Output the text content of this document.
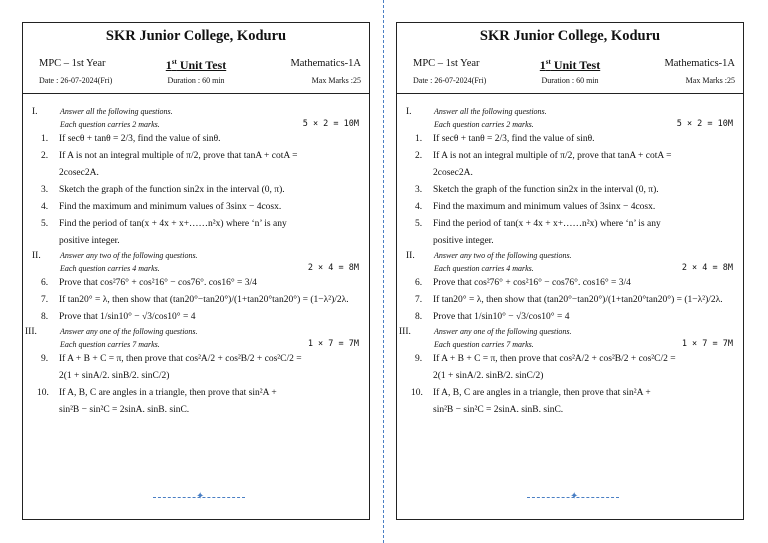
SKR Junior College, Koduru
MPC – 1st Year	1st Unit Test	Mathematics-1A
Date : 26-07-2024(Fri)	Duration : 60 min	Max Marks :25
I.	Answer all the following questions.
Each question carries 2 marks.	5 × 2 = 10M
1. If secθ + tanθ = 2/3, find the value of sinθ.
2. If A is not an integral multiple of π/2, prove that tanA + cotA =
2cosec2A.
3. Sketch the graph of the function sin2x in the interval (0, π).
4. Find the maximum and minimum values of 3sinx − 4cosx.
5. Find the period of tan(x + 4x + x+……n²x) where ‘n’ is any
positive integer.
II. Answer any two of the following questions.
Each question carries 4 marks.	2 × 4 = 8M
6. Prove that cos²76° + cos²16° − cos76°. cos16° = 3/4
7. If tan20° = λ, then show that (tan20°−tan20°)/(1+tan20°tan20°) = (1−λ²)/2λ.
8. Prove that 1/sin10° − √3/cos10° = 4
III.	Answer any one of the following questions.
Each question carries 7 marks.	1 × 7 = 7M
9. If A + B + C = π, then prove that cos²A/2 + cos²B/2 + cos²C/2 =
2(1 + sinA/2. sinB/2. sinC/2)
10. If A, B, C are angles in a triangle, then prove that sin²A +
sin²B − sin²C = 2sinA. sinB. sinC.
✦
SKR Junior College, Koduru
MPC – 1st Year	1st Unit Test	Mathematics-1A
Date : 26-07-2024(Fri)	Duration : 60 min	Max Marks :25
I.	Answer all the following questions.
Each question carries 2 marks.	5 × 2 = 10M
1. If secθ + tanθ = 2/3, find the value of sinθ.
2. If A is not an integral multiple of π/2, prove that tanA + cotA =
2cosec2A.
3. Sketch the graph of the function sin2x in the interval (0, π).
4. Find the maximum and minimum values of 3sinx − 4cosx.
5. Find the period of tan(x + 4x + x+……n²x) where ‘n’ is any
positive integer.
II. Answer any two of the following questions.
Each question carries 4 marks.	2 × 4 = 8M
6. Prove that cos²76° + cos²16° − cos76°. cos16° = 3/4
7. If tan20° = λ, then show that (tan20°−tan20°)/(1+tan20°tan20°) = (1−λ²)/2λ.
8. Prove that 1/sin10° − √3/cos10° = 4
III.	Answer any one of the following questions.
Each question carries 7 marks.	1 × 7 = 7M
9. If A + B + C = π, then prove that cos²A/2 + cos²B/2 + cos²C/2 =
2(1 + sinA/2. sinB/2. sinC/2)
10. If A, B, C are angles in a triangle, then prove that sin²A +
sin²B − sin²C = 2sinA. sinB. sinC.
✦
